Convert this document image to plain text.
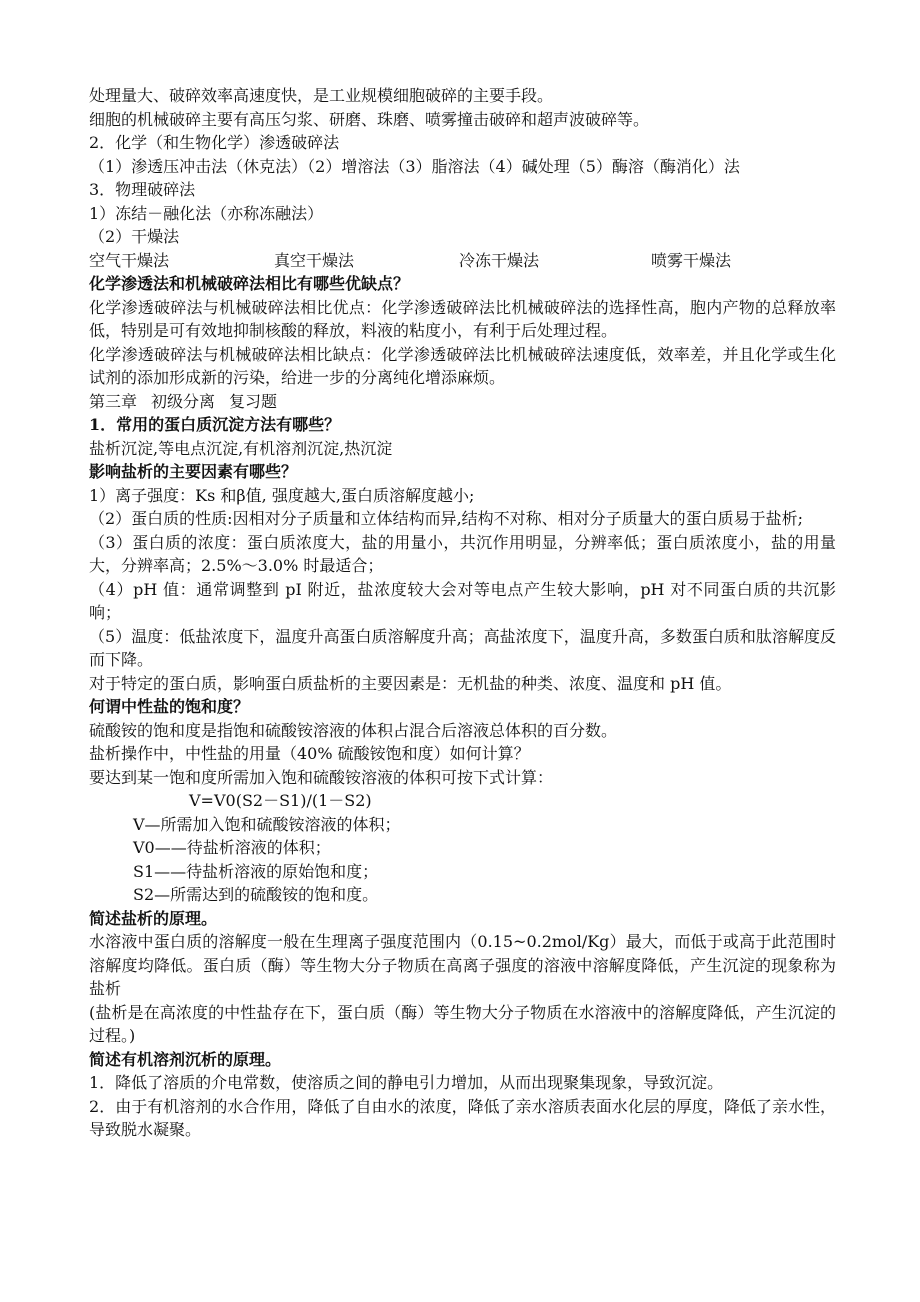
处理量大、破碎效率高速度快，是工业规模细胞破碎的主要手段。

细胞的机械破碎主要有高压匀浆、研磨、珠磨、喷雾撞击破碎和超声波破碎等。

2．化学（和生物化学）渗透破碎法

（1）渗透压冲击法（休克法）（2）增溶法（3）脂溶法（4）碱处理（5）酶溶（酶消化）法

3．物理破碎法

1）冻结－融化法（亦称冻融法）

（2）干燥法

空气干燥法	真空干燥法	冷冻干燥法	喷雾干燥法

化学渗透法和机械破碎法相比有哪些优缺点？

化学渗透破碎法与机械破碎法相比优点：化学渗透破碎法比机械破碎法的选择性高，胞内产物的总释放率低，特别是可有效地抑制核酸的释放，料液的粘度小，有利于后处理过程。

化学渗透破碎法与机械破碎法相比缺点：化学渗透破碎法比机械破碎法速度低，效率差，并且化学或生化试剂的添加形成新的污染，给进一步的分离纯化增添麻烦。

第三章 初级分离 复习题

1．常用的蛋白质沉淀方法有哪些？

盐析沉淀,等电点沉淀,有机溶剂沉淀,热沉淀

影响盐析的主要因素有哪些？

1）离子强度：Ks 和β值, 强度越大,蛋白质溶解度越小;

（2）蛋白质的性质:因相对分子质量和立体结构而异,结构不对称、相对分子质量大的蛋白质易于盐析;

（3）蛋白质的浓度：蛋白质浓度大，盐的用量小，共沉作用明显，分辨率低；蛋白质浓度小，盐的用量大，分辨率高；2.5%～3.0% 时最适合；

（4）pH 值：通常调整到 pI 附近，盐浓度较大会对等电点产生较大影响，pH 对不同蛋白质的共沉影响；

（5）温度：低盐浓度下，温度升高蛋白质溶解度升高；高盐浓度下，温度升高，多数蛋白质和肽溶解度反而下降。

对于特定的蛋白质，影响蛋白质盐析的主要因素是：无机盐的种类、浓度、温度和 pH 值。

何谓中性盐的饱和度？

硫酸铵的饱和度是指饱和硫酸铵溶液的体积占混合后溶液总体积的百分数。

盐析操作中，中性盐的用量（40% 硫酸铵饱和度）如何计算？

要达到某一饱和度所需加入饱和硫酸铵溶液的体积可按下式计算：

V=V0(S2－S1)/(1－S2)

V—所需加入饱和硫酸铵溶液的体积；

V0——待盐析溶液的体积；

S1——待盐析溶液的原始饱和度；

S2—所需达到的硫酸铵的饱和度。

简述盐析的原理。

水溶液中蛋白质的溶解度一般在生理离子强度范围内（0.15~0.2mol/Kg）最大，而低于或高于此范围时溶解度均降低。蛋白质（酶）等生物大分子物质在高离子强度的溶液中溶解度降低，产生沉淀的现象称为盐析

(盐析是在高浓度的中性盐存在下，蛋白质（酶）等生物大分子物质在水溶液中的溶解度降低，产生沉淀的过程。)

简述有机溶剂沉析的原理。

1．降低了溶质的介电常数，使溶质之间的静电引力增加，从而出现聚集现象，导致沉淀。

2．由于有机溶剂的水合作用，降低了自由水的浓度，降低了亲水溶质表面水化层的厚度，降低了亲水性，导致脱水凝聚。
